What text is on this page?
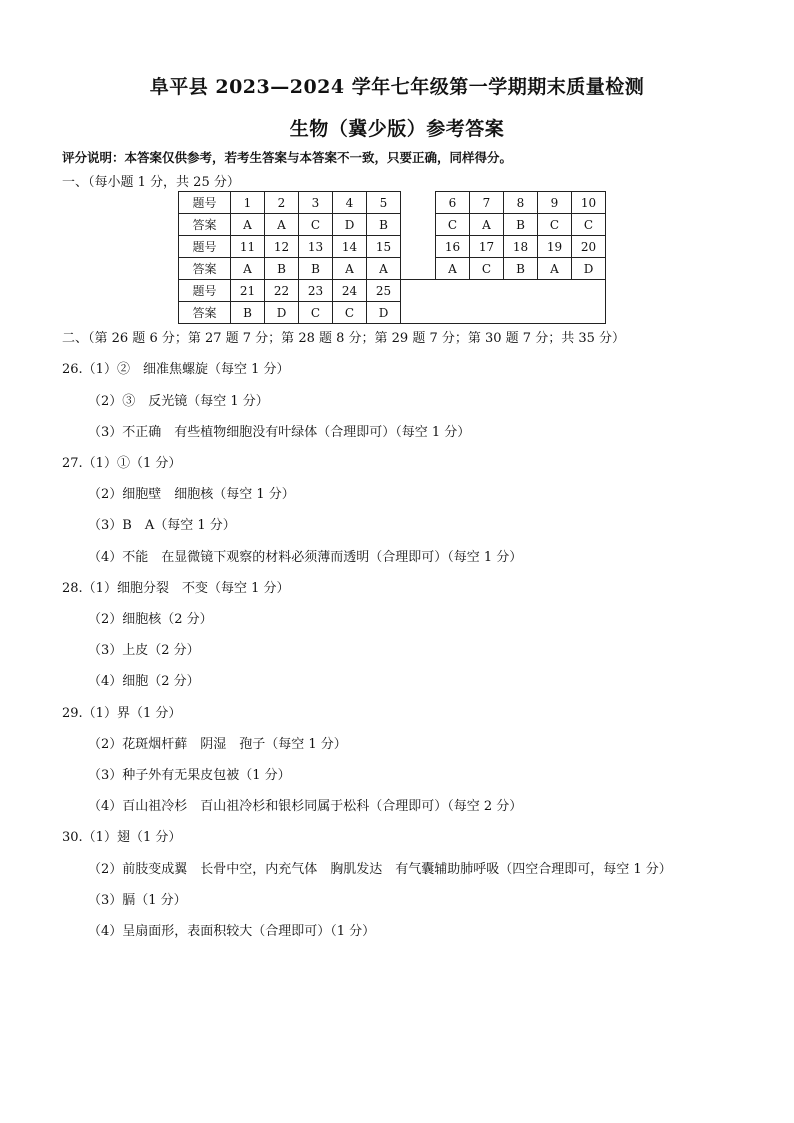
阜平县 2023—2024 学年七年级第一学期期末质量检测
生物（冀少版）参考答案
评分说明：本答案仅供参考，若考生答案与本答案不一致，只要正确，同样得分。
一、（每小题 1 分，共 25 分）
题号	1	2	3	4	5		6	7	8	9	10
答案	A	A	C	D	B		C	A	B	C	C
题号	11	12	13	14	15		16	17	18	19	20
答案	A	B	B	A	A		A	C	B	A	D
题号	21	22	23	24	25						
答案	B	D	C	C	D						
二、（第 26 题 6 分；第 27 题 7 分；第 28 题 8 分；第 29 题 7 分；第 30 题 7 分；共 35 分）
26.（1）②　细准焦螺旋（每空 1 分）
（2）③　反光镜（每空 1 分）
（3）不正确　有些植物细胞没有叶绿体（合理即可）（每空 1 分）
27.（1）①（1 分）
（2）细胞壁　细胞核（每空 1 分）
（3）B　A（每空 1 分）
（4）不能　在显微镜下观察的材料必须薄而透明（合理即可）（每空 1 分）
28.（1）细胞分裂　不变（每空 1 分）
（2）细胞核（2 分）
（3）上皮（2 分）
（4）细胞（2 分）
29.（1）界（1 分）
（2）花斑烟杆藓　阴湿　孢子（每空 1 分）
（3）种子外有无果皮包被（1 分）
（4）百山祖冷杉　百山祖冷杉和银杉同属于松科（合理即可）（每空 2 分）
30.（1）翅（1 分）
（2）前肢变成翼　长骨中空，内充气体　胸肌发达　有气囊辅助肺呼吸（四空合理即可，每空 1 分）
（3）膈（1 分）
（4）呈扇面形，表面积较大（合理即可）（1 分）
